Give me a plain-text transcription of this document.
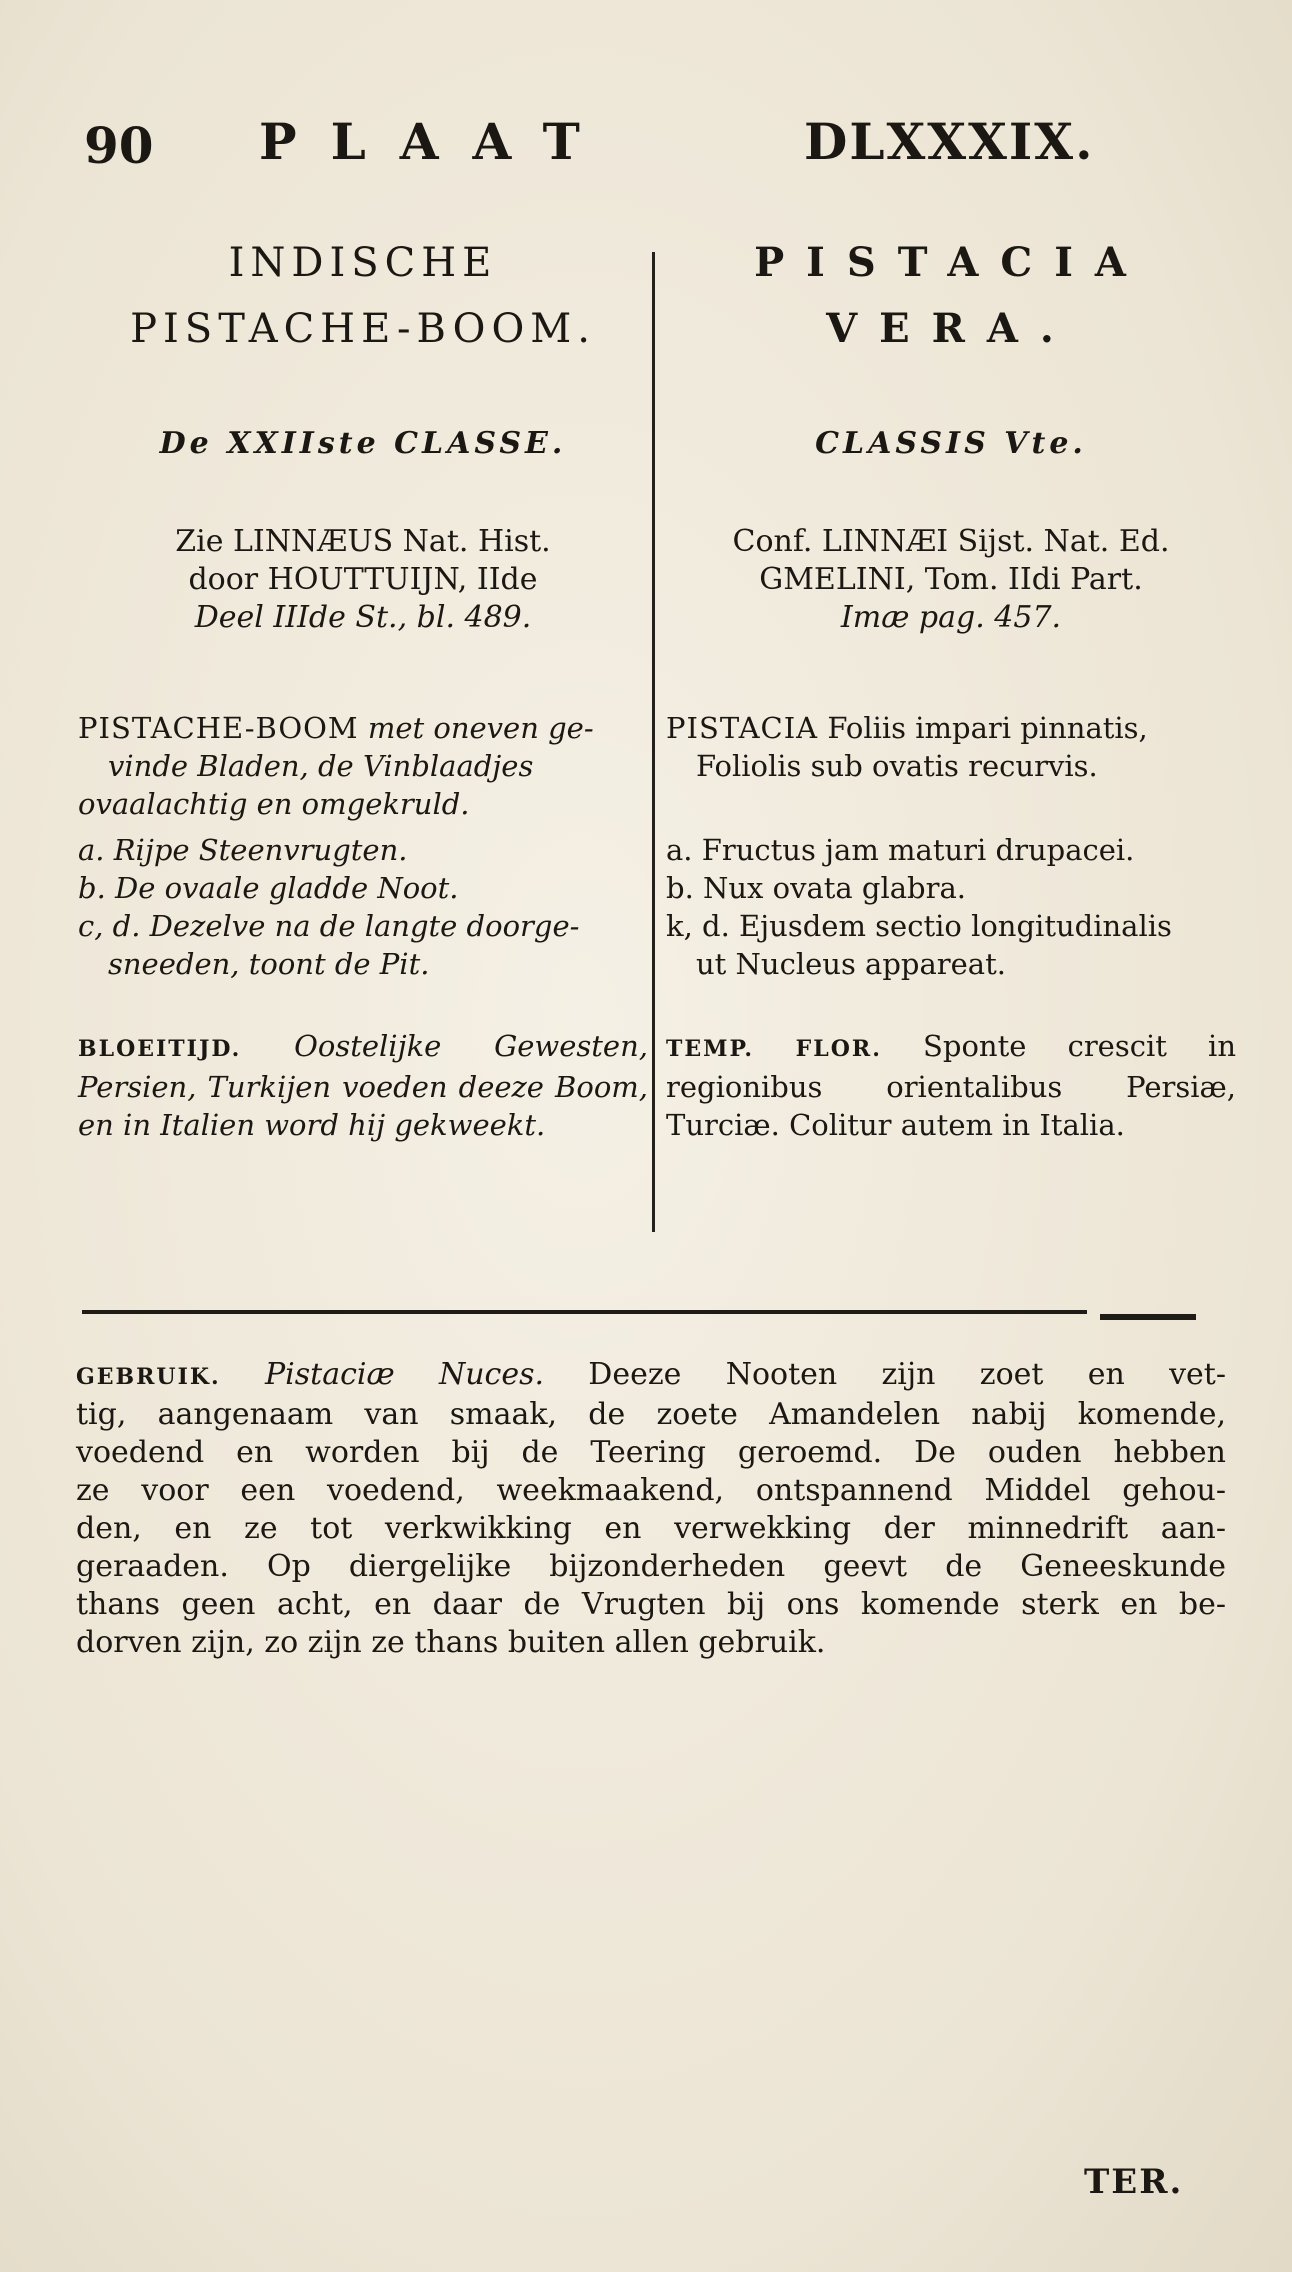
90 PLAAT	DLXXXIX.
INDISCHE
PISTACHE-BOOM.
De XXIIste CLASSE.
Zie LINNÆUS Nat. Hist.
door HOUTTUIJN, IIde
Deel IIIde St., bl. 489.
PISTACHE-BOOM met oneven ge-
vinde Bladen, de Vinblaadjes
ovaalachtig en omgekruld.
a. Rijpe Steenvrugten.
b. De ovaale gladde Noot.
c, d. Dezelve na de langte doorge-
sneeden, toont de Pit.
BLOEITIJD. Oostelijke Gewesten, Persien, Turkijen voeden deeze Boom, en in Italien word hij gekweekt.
PISTACIA
VERA.
CLASSIS Vte.
Conf. LINNÆI Sijst. Nat. Ed.
GMELINI, Tom. IIdi Part.
Imæ pag. 457.
PISTACIA Foliis impari pinnatis,
Foliolis sub ovatis recurvis.
a. Fructus jam maturi drupacei.
b. Nux ovata glabra.
k, d. Ejusdem sectio longitudinalis
ut Nucleus appareat.
TEMP. FLOR. Sponte crescit in regionibus orientalibus Persiæ, Turciæ. Colitur autem in Italia.
GEBRUIK. Pistaciæ Nuces. Deeze Nooten zijn zoet en vet-
tig, aangenaam van smaak, de zoete Amandelen nabij komende,
voedend en worden bij de Teering geroemd. De ouden hebben
ze voor een voedend, weekmaakend, ontspannend Middel gehou-
den, en ze tot verkwikking en verwekking der minnedrift aan-
geraaden. Op diergelijke bijzonderheden geevt de Geneeskunde
thans geen acht, en daar de Vrugten bij ons komende sterk en be-
dorven zijn, zo zijn ze thans buiten allen gebruik.
TER.
